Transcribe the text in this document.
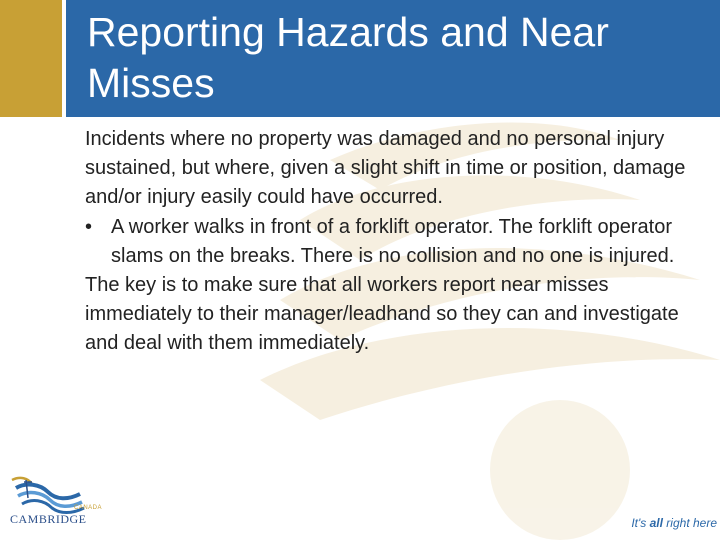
Reporting Hazards and Near Misses

Incidents where no property was damaged and no personal injury sustained, but where, given a slight shift in time or position, damage and/or injury easily could have occurred.

• A worker walks in front of a forklift operator. The forklift operator slams on the breaks. There is no collision and no one is injured.

The key is to make sure that all workers report near misses immediately to their manager/leadhand so they can and investigate and deal with them immediately.

CANADA
CAMBRIDGE	It's all right here
